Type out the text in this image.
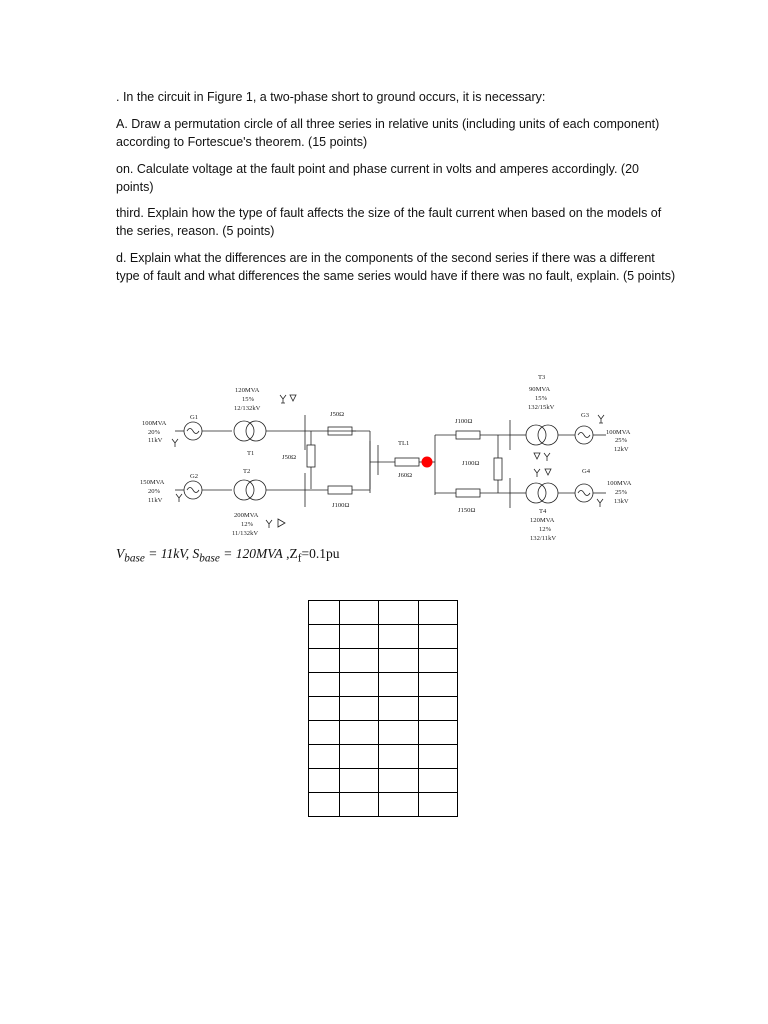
. In the circuit in Figure 1, a two-phase short to ground occurs, it is necessary:

A. Draw a permutation circle of all three series in relative units (including units of each component) according to Fortescue's theorem. (15 points)

on. Calculate voltage at the fault point and phase current in volts and amperes accordingly. (20 points)

third. Explain how the type of fault affects the size of the fault current when based on the models of the series, reason. (5 points)

d. Explain what the differences are in the components of the second series if there was a different type of fault and what differences the same series would have if there was no fault, explain. (5 points)

G1
100MVA
20%
11kV
G2
150MVA
20%
11kV
120MVA
15%
12/132kV
T1
T2
200MVA
12%
11/132kV
J50Ω
J50Ω
J100Ω
TL1
J60Ω
J100Ω
J100Ω
J150Ω
T3
90MVA
15%
132/15kV
G3
100MVA
25%
12kV
T4
120MVA
12%
132/11kV
G4
100MVA
25%
13kV
$V_{base} = 11kV$, $S_{base} = 120MVA$ $,Z_f=0.1pu$
